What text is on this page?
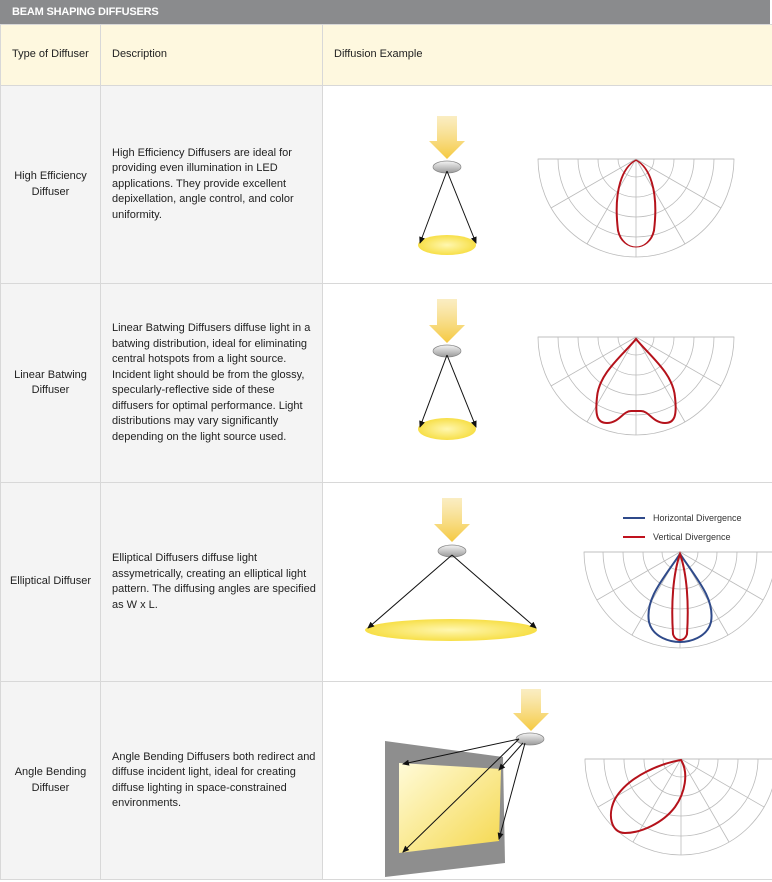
BEAM SHAPING DIFFUSERS
Type of Diffuser	Description	Diffusion Example
High Efficiency Diffuser	High Efficiency Diffusers are ideal for providing even illumination in LED applications. They provide excellent depixellation, angle control, and color uniformity.	

Linear Batwing Diffuser	Linear Batwing Diffusers diffuse light in a batwing distribution, ideal for eliminating central hotspots from a light source. Incident light should be from the glossy, specularly-reflective side of these diffusers for optimal performance. Light distributions may vary significantly depending on the light source used.	

Elliptical Diffuser	Elliptical Diffusers diffuse light assymetrically, creating an elliptical light pattern. The diffusing angles are specified as W x L.	Horizontal Divergence
Vertical Divergence

Angle Bending Diffuser	Angle Bending Diffusers both redirect and diffuse incident light, ideal for creating diffuse lighting in space-constrained environments.	
